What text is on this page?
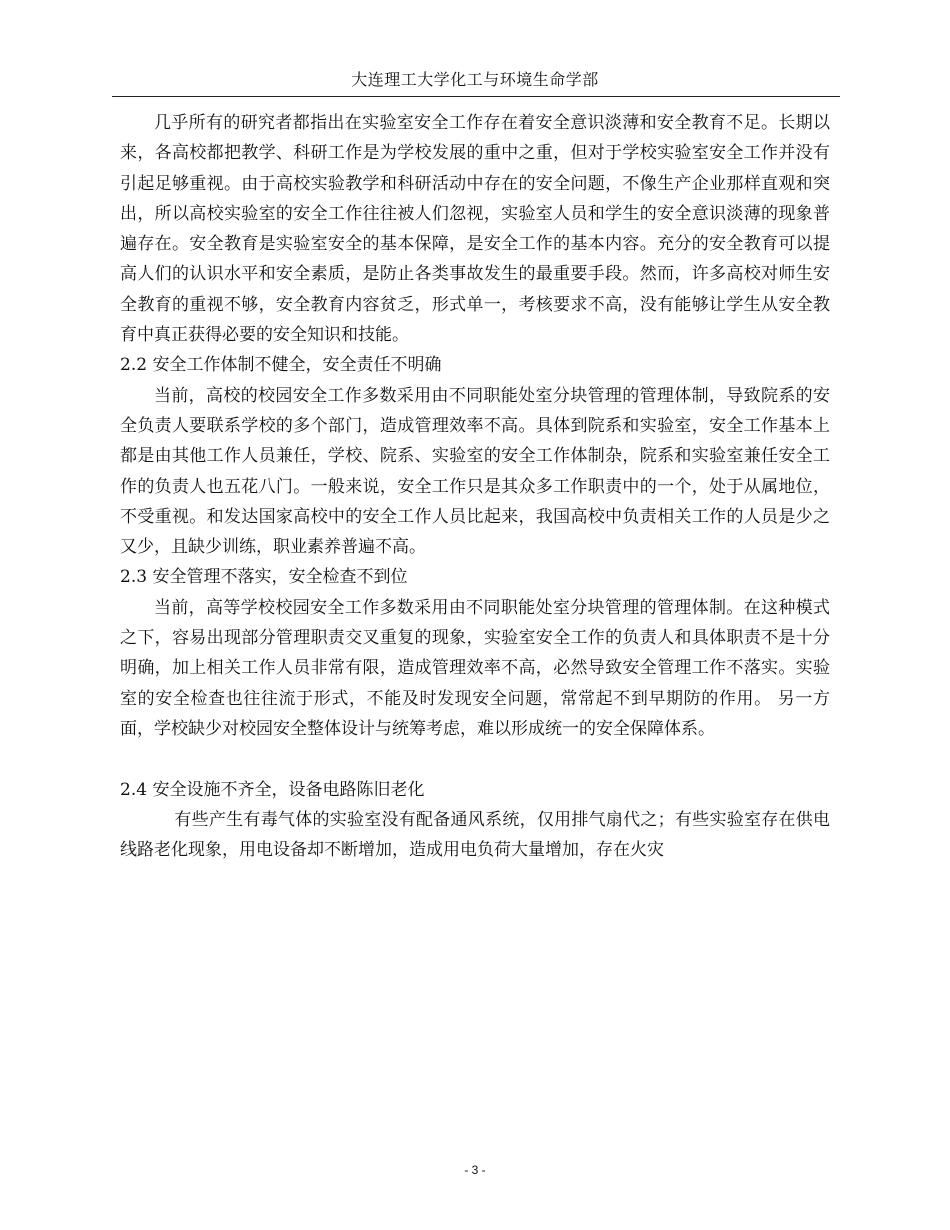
大连理工大学化工与环境生命学部

几乎所有的研究者都指出在实验室安全工作存在着安全意识淡薄和安全教育不足。长期以来，各高校都把教学、科研工作是为学校发展的重中之重，但对于学校实验室安全工作并没有引起足够重视。由于高校实验教学和科研活动中存在的安全问题，不像生产企业那样直观和突出，所以高校实验室的安全工作往往被人们忽视，实验室人员和学生的安全意识淡薄的现象普遍存在。安全教育是实验室安全的基本保障，是安全工作的基本内容。充分的安全教育可以提高人们的认识水平和安全素质，是防止各类事故发生的最重要手段。然而，许多高校对师生安全教育的重视不够，安全教育内容贫乏，形式单一，考核要求不高，没有能够让学生从安全教育中真正获得必要的安全知识和技能。

2.2 安全工作体制不健全，安全责任不明确

当前，高校的校园安全工作多数采用由不同职能处室分块管理的管理体制，导致院系的安全负责人要联系学校的多个部门，造成管理效率不高。具体到院系和实验室，安全工作基本上都是由其他工作人员兼任，学校、院系、实验室的安全工作体制杂，院系和实验室兼任安全工作的负责人也五花八门。一般来说，安全工作只是其众多工作职责中的一个，处于从属地位，不受重视。和发达国家高校中的安全工作人员比起来，我国高校中负责相关工作的人员是少之又少，且缺少训练，职业素养普遍不高。

2.3 安全管理不落实，安全检查不到位

当前，高等学校校园安全工作多数采用由不同职能处室分块管理的管理体制。在这种模式之下，容易出现部分管理职责交叉重复的现象，实验室安全工作的负责人和具体职责不是十分明确，加上相关工作人员非常有限，造成管理效率不高，必然导致安全管理工作不落实。实验室的安全检查也往往流于形式，不能及时发现安全问题，常常起不到早期防的作用。 另一方面，学校缺少对校园安全整体设计与统筹考虑，难以形成统一的安全保障体系。

2.4 安全设施不齐全，设备电路陈旧老化

有些产生有毒气体的实验室没有配备通风系统，仅用排气扇代之；有些实验室存在供电线路老化现象，用电设备却不断增加，造成用电负荷大量增加，存在火灾

- 3 -
